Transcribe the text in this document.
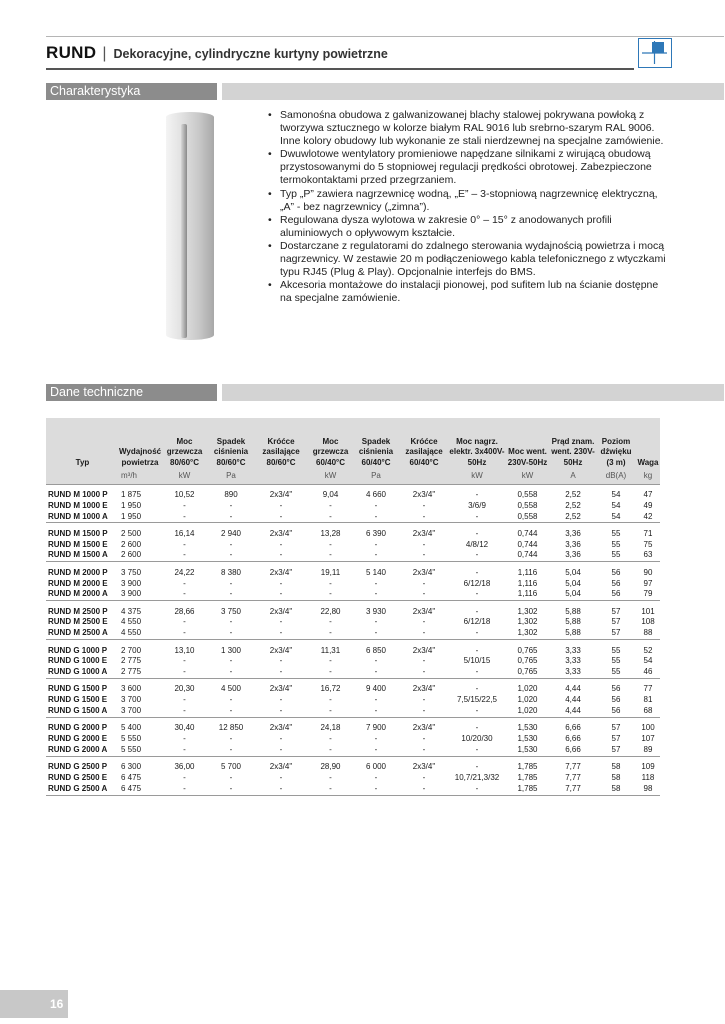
RUND | Dekoracyjne, cylindryczne kurtyny powietrzne
Charakterystyka
• Samonośna obudowa z galwanizowanej blachy stalowej pokrywana powłoką z tworzywa sztucznego w kolorze białym RAL 9016 lub srebrno-szarym RAL 9006. Inne kolory obudowy lub wykonanie ze stali nierdzewnej na specjalne zamówienie.
• Dwuwlotowe wentylatory promieniowe napędzane silnikami z wirującą obudową przystosowanymi do 5 stopniowej regulacji prędkości obrotowej. Zabezpieczone termokontaktami przed przegrzaniem.
• Typ „P” zawiera nagrzewnicę wodną, „E” – 3-stopniową nagrzewnicę elektryczną, „A” - bez nagrzewnicy („zimna”).
• Regulowana dysza wylotowa w zakresie 0° – 15° z anodowanych profili aluminiowych o opływowym kształcie.
• Dostarczane z regulatorami do zdalnego sterowania wydajnością powietrza i mocą nagrzewnicy. W zestawie 20 m podłączeniowego kabla telefonicznego z wtyczkami typu RJ45 (Plug & Play). Opcjonalnie interfejs do BMS.
• Akcesoria montażowe do instalacji pionowej, pod sufitem lub na ścianie dostępne na specjalne zamówienie.
Dane techniczne
Typ	Wydajność powietrza	Moc grzewcza 80/60°C	Spadek ciśnienia 80/60°C	Króćce zasilające 80/60°C	Moc grzewcza 60/40°C	Spadek ciśnienia 60/40°C	Króćce zasilające 60/40°C	Moc nagrz. elektr. 3x400V-50Hz	Moc went. 230V-50Hz	Prąd znam. went. 230V-50Hz	Poziom dźwięku (3 m)	Waga
	m³/h	kW	Pa		kW	Pa		kW	kW	A	dB(A)	kg

RUND M 1000 P	1 875	10,52	890	2x3/4"	9,04	4 660	2x3/4"	-	0,558	2,52	54	47
RUND M 1000 E	1 950	-	-	-	-	-	-	3/6/9	0,558	2,52	54	49
RUND M 1000 A	1 950	-	-	-	-	-	-	-	0,558	2,52	54	42

RUND M 1500 P	2 500	16,14	2 940	2x3/4"	13,28	6 390	2x3/4"	-	0,744	3,36	55	71
RUND M 1500 E	2 600	-	-	-	-	-	-	4/8/12	0,744	3,36	55	75
RUND M 1500 A	2 600	-	-	-	-	-	-	-	0,744	3,36	55	63

RUND M 2000 P	3 750	24,22	8 380	2x3/4"	19,11	5 140	2x3/4"	-	1,116	5,04	56	90
RUND M 2000 E	3 900	-	-	-	-	-	-	6/12/18	1,116	5,04	56	97
RUND M 2000 A	3 900	-	-	-	-	-	-	-	1,116	5,04	56	79

RUND M 2500 P	4 375	28,66	3 750	2x3/4"	22,80	3 930	2x3/4"	-	1,302	5,88	57	101
RUND M 2500 E	4 550	-	-	-	-	-	-	6/12/18	1,302	5,88	57	108
RUND M 2500 A	4 550	-	-	-	-	-	-	-	1,302	5,88	57	88

RUND G 1000 P	2 700	13,10	1 300	2x3/4"	11,31	6 850	2x3/4"	-	0,765	3,33	55	52
RUND G 1000 E	2 775	-	-	-	-	-	-	5/10/15	0,765	3,33	55	54
RUND G 1000 A	2 775	-	-	-	-	-	-	-	0,765	3,33	55	46

RUND G 1500 P	3 600	20,30	4 500	2x3/4"	16,72	9 400	2x3/4"	-	1,020	4,44	56	77
RUND G 1500 E	3 700	-	-	-	-	-	-	7,5/15/22,5	1,020	4,44	56	81
RUND G 1500 A	3 700	-	-	-	-	-	-	-	1,020	4,44	56	68

RUND G 2000 P	5 400	30,40	12 850	2x3/4"	24,18	7 900	2x3/4"	-	1,530	6,66	57	100
RUND G 2000 E	5 550	-	-	-	-	-	-	10/20/30	1,530	6,66	57	107
RUND G 2000 A	5 550	-	-	-	-	-	-	-	1,530	6,66	57	89

RUND G 2500 P	6 300	36,00	5 700	2x3/4"	28,90	6 000	2x3/4"	-	1,785	7,77	58	109
RUND G 2500 E	6 475	-	-	-	-	-	-	10,7/21,3/32	1,785	7,77	58	118
RUND G 2500 A	6 475	-	-	-	-	-	-	-	1,785	7,77	58	98
16
